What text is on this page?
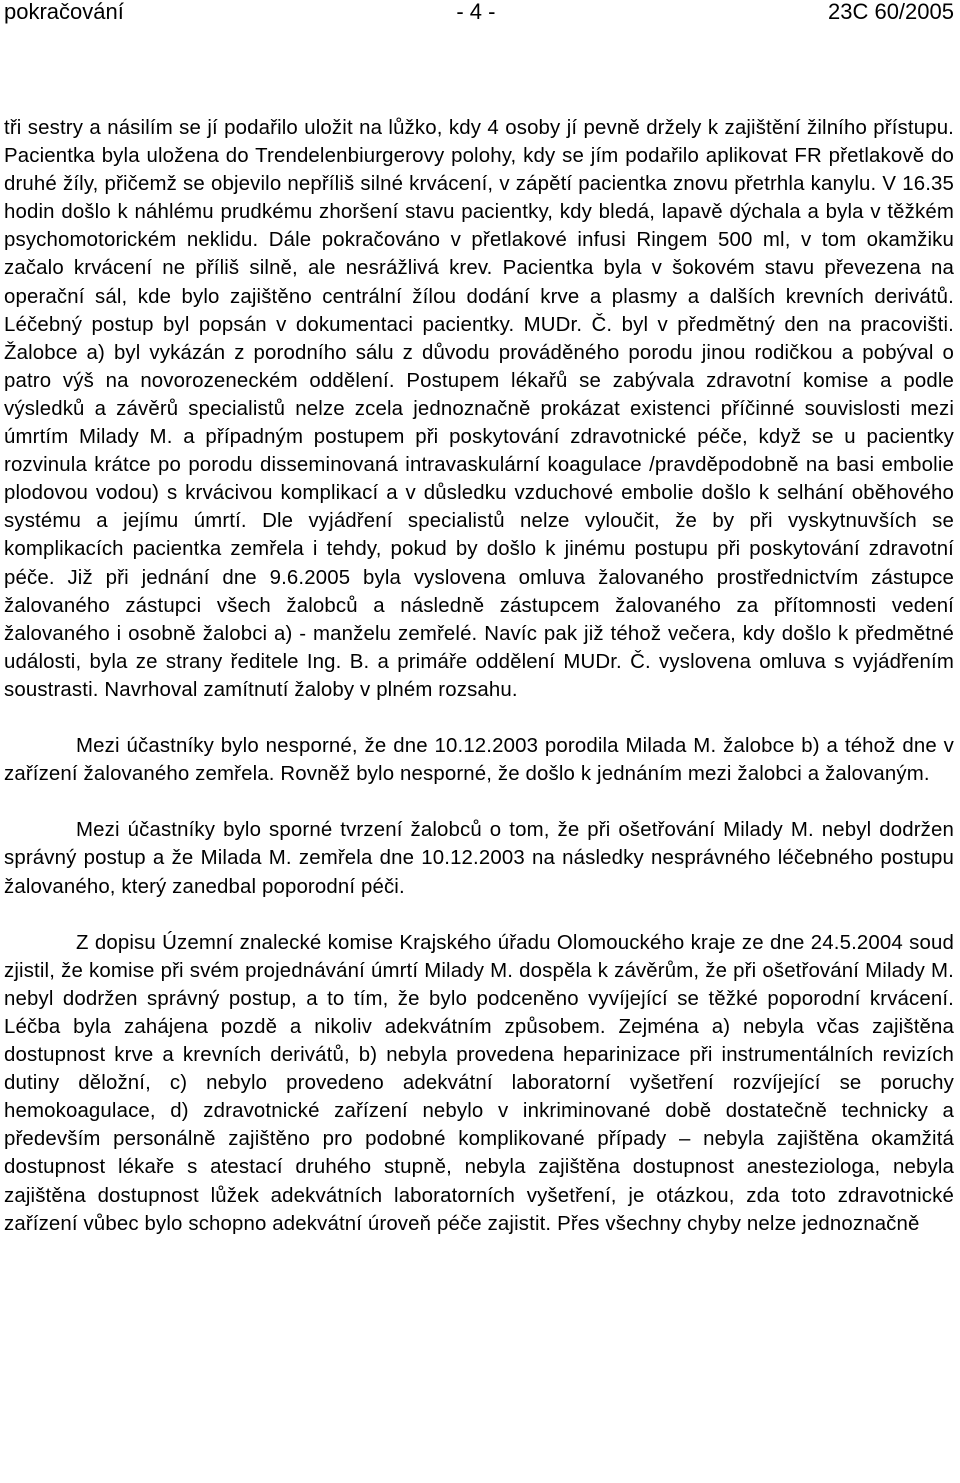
pokračování	- 4 -	23C 60/2005

tři sestry a násilím se jí podařilo uložit na lůžko, kdy 4 osoby jí pevně držely k zajištění žilního přístupu. Pacientka byla uložena do Trendelenbiurgerovy polohy, kdy se jím podařilo aplikovat FR přetlakově do druhé žíly, přičemž se objevilo nepříliš silné krvácení, v zápětí pacientka znovu přetrhla kanylu. V 16.35 hodin došlo k náhlému prudkému zhoršení stavu pacientky, kdy bledá, lapavě dýchala a byla v těžkém psychomotorickém neklidu. Dále pokračováno v přetlakové infusi Ringem 500 ml, v tom okamžiku začalo krvácení ne příliš silně, ale nesrážlivá krev. Pacientka byla v šokovém stavu převezena na operační sál, kde bylo zajištěno centrální žílou dodání krve a plasmy a dalších krevních derivátů. Léčebný postup byl popsán v dokumentaci pacientky. MUDr. Č. byl v předmětný den na pracovišti. Žalobce a) byl vykázán z porodního sálu z důvodu prováděného porodu jinou rodičkou a pobýval o patro výš na novorozeneckém oddělení. Postupem lékařů se zabývala zdravotní komise a podle výsledků a závěrů specialistů nelze zcela jednoznačně prokázat existenci příčinné souvislosti mezi úmrtím Milady M. a případným postupem při poskytování zdravotnické péče, když se u pacientky rozvinula krátce po porodu disseminovaná intravaskulární koagulace /pravděpodobně na basi embolie plodovou vodou) s krvácivou komplikací a v důsledku vzduchové embolie došlo k selhání oběhového systému a jejímu úmrtí. Dle vyjádření specialistů nelze vyloučit, že by při vyskytnuvších se komplikacích pacientka zemřela i tehdy, pokud by došlo k jinému postupu při poskytování zdravotní péče. Již při jednání dne 9.6.2005 byla vyslovena omluva žalovaného prostřednictvím zástupce žalovaného zástupci všech žalobců a následně zástupcem žalovaného za přítomnosti vedení žalovaného i osobně žalobci a) - manželu zemřelé. Navíc pak již téhož večera, kdy došlo k předmětné události, byla ze strany ředitele Ing. B. a primáře oddělení MUDr. Č. vyslovena omluva s vyjádřením soustrasti. Navrhoval zamítnutí žaloby v plném rozsahu.

Mezi účastníky bylo nesporné, že dne 10.12.2003 porodila Milada M. žalobce b) a téhož dne v zařízení žalovaného zemřela. Rovněž bylo nesporné, že došlo k jednáním mezi žalobci a žalovaným.

Mezi účastníky bylo sporné tvrzení žalobců o tom, že při ošetřování Milady M. nebyl dodržen správný postup a že Milada M. zemřela dne 10.12.2003 na následky nesprávného léčebného postupu žalovaného, který zanedbal poporodní péči.

Z dopisu Územní znalecké komise Krajského úřadu Olomouckého kraje ze dne 24.5.2004 soud zjistil, že komise při svém projednávání úmrtí Milady M. dospěla k závěrům, že při ošetřování Milady M. nebyl dodržen správný postup, a to tím, že bylo podceněno vyvíjející se těžké poporodní krvácení. Léčba byla zahájena pozdě a nikoliv adekvátním způsobem. Zejména a) nebyla včas zajištěna dostupnost krve a krevních derivátů, b) nebyla provedena heparinizace při instrumentálních revizích dutiny děložní, c) nebylo provedeno adekvátní laboratorní vyšetření rozvíjející se poruchy hemokoagulace, d) zdravotnické zařízení nebylo v inkriminované době dostatečně technicky a především personálně zajištěno pro podobné komplikované případy – nebyla zajištěna okamžitá dostupnost lékaře s atestací druhého stupně, nebyla zajištěna dostupnost anesteziologa, nebyla zajištěna dostupnost lůžek adekvátních laboratorních vyšetření, je otázkou, zda toto zdravotnické zařízení vůbec bylo schopno adekvátní úroveň péče zajistit. Přes všechny chyby nelze jednoznačně
